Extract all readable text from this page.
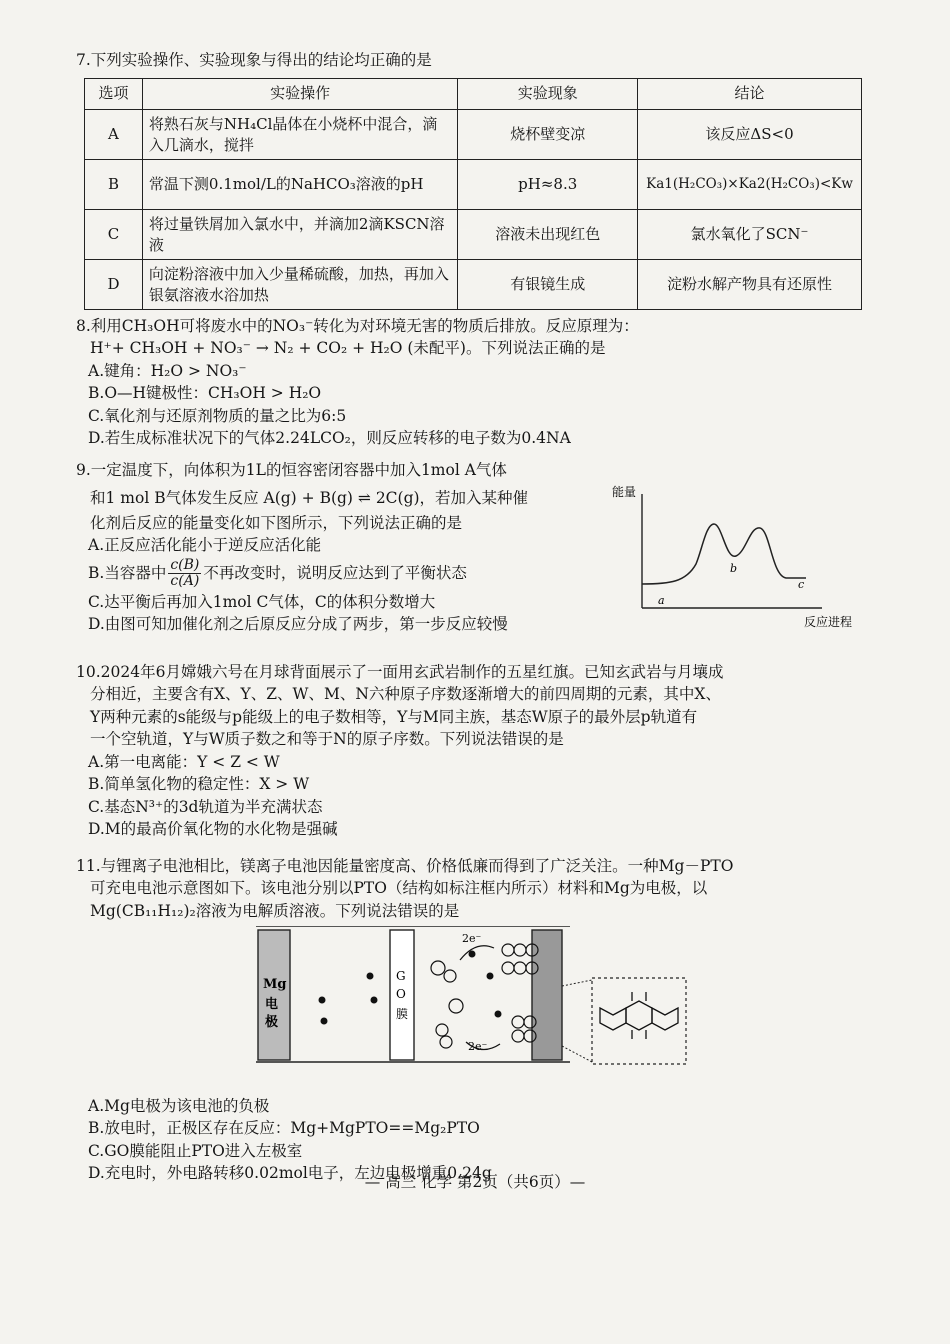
7.下列实验操作、实验现象与得出的结论均正确的是
选项	实验操作	实验现象	结论
A	将熟石灰与NH₄Cl晶体在小烧杯中混合，滴入几滴水，搅拌	烧杯壁变凉	该反应ΔS<0
B	常温下测0.1mol/L的NaHCO₃溶液的pH	pH≈8.3	Ka1(H₂CO₃)×Ka2(H₂CO₃)<Kw
C	将过量铁屑加入氯水中，并滴加2滴KSCN溶液	溶液未出现红色	氯水氧化了SCN⁻
D	向淀粉溶液中加入少量稀硫酸，加热，再加入银氨溶液水浴加热	有银镜生成	淀粉水解产物具有还原性
8.利用CH₃OH可将废水中的NO₃⁻转化为对环境无害的物质后排放。反应原理为：
H⁺+ CH₃OH + NO₃⁻ → N₂ + CO₂ + H₂O (未配平)。下列说法正确的是
A.键角：H₂O > NO₃⁻
B.O—H键极性：CH₃OH > H₂O
C.氧化剂与还原剂物质的量之比为6:5
D.若生成标准状况下的气体2.24LCO₂，则反应转移的电子数为0.4NA
9.一定温度下，向体积为1L的恒容密闭容器中加入1mol A气体
和1 mol B气体发生反应 A(g) + B(g) ⇌ 2C(g)，若加入某种催
化剂后反应的能量变化如下图所示，下列说法正确的是
A.正反应活化能小于逆反应活化能
B.当容器中 $\frac{c(B)}{c(A)}$ 不再改变时，说明反应达到了平衡状态
C.达平衡后再加入1mol C气体，C的体积分数增大
D.由图可知加催化剂之后原反应分成了两步，第一步反应较慢
能量
反应进程
a
b
c
10.2024年6月嫦娥六号在月球背面展示了一面用玄武岩制作的五星红旗。已知玄武岩与月壤成
分相近，主要含有X、Y、Z、W、M、N六种原子序数逐渐增大的前四周期的元素，其中X、
Y两种元素的s能级与p能级上的电子数相等，Y与M同主族，基态W原子的最外层p轨道有
一个空轨道，Y与W质子数之和等于N的原子序数。下列说法错误的是
A.第一电离能：Y < Z < W
B.简单氢化物的稳定性：X > W
C.基态N³⁺的3d轨道为半充满状态
D.M的最高价氧化物的水化物是强碱
11.与锂离子电池相比，镁离子电池因能量密度高、价格低廉而得到了广泛关注。一种Mg－PTO
可充电电池示意图如下。该电池分别以PTO（结构如标注框内所示）材料和Mg为电极，以
Mg(CB₁₁H₁₂)₂溶液为电解质溶液。下列说法错误的是
Mg
电
极
G
O
膜
2e⁻
2e⁻
A.Mg电极为该电池的负极
B.放电时，正极区存在反应：Mg+MgPTO==Mg₂PTO
C.GO膜能阻止PTO进入左极室
D.充电时，外电路转移0.02mol电子，左边电极增重0.24g
— 高三 化学 第2页（共6页）—
